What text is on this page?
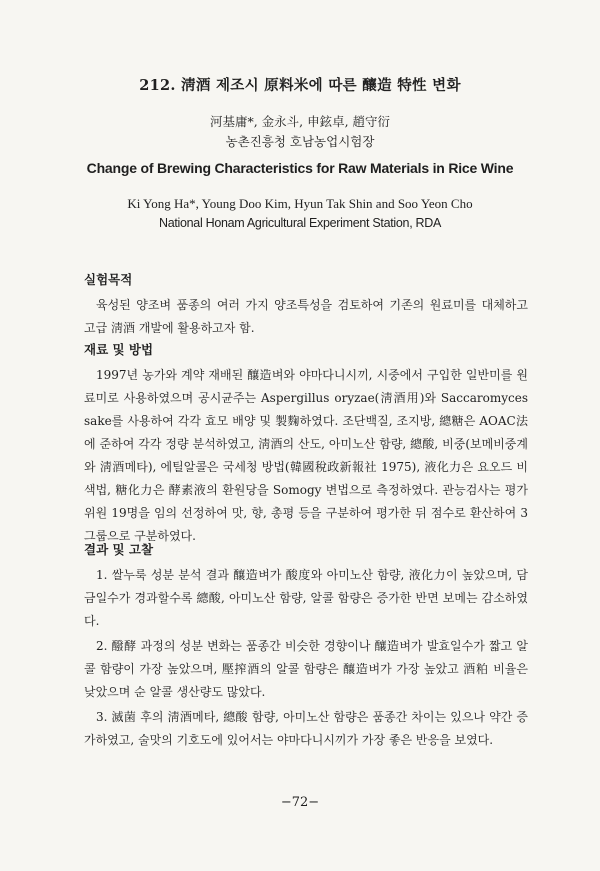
212. 淸酒 제조시 原料米에 따른 釀造 特性 변화
河基庸*, 金永斗, 申鉉卓, 趙守衍
농촌진흥청 호남농업시험장
Change of Brewing Characteristics for Raw Materials in Rice Wine
Ki Yong Ha*, Young Doo Kim, Hyun Tak Shin and Soo Yeon Cho
National Honam Agricultural Experiment Station, RDA
실험목적

육성된 양조벼 품종의 여러 가지 양조특성을 검토하여 기존의 원료미를 대체하고 고급 淸酒 개발에 활용하고자 함.

재료 및 방법

1997년 농가와 계약 재배된 釀造벼와 야마다니시끼, 시중에서 구입한 일반미를 원료미로 사용하였으며 공시균주는 Aspergillus oryzae(淸酒用)와 Saccaromyces sake를 사용하여 각각 효모 배양 및 製麴하였다. 조단백질, 조지방, 總糖은 AOAC法에 준하여 각각 정량 분석하였고, 淸酒의 산도, 아미노산 함량, 總酸, 비중(보메비중계와 淸酒메타), 에틸알콜은 국세청 방법(韓國稅政新報社 1975), 液化力은 요오드 비색법, 糖化力은 酵素液의 환원당을 Somogy 변법으로 측정하였다. 관능검사는 평가위원 19명을 임의 선정하여 맛, 향, 총평 등을 구분하여 평가한 뒤 점수로 환산하여 3그룹으로 구분하였다.

결과 및 고찰

1. 쌀누룩 성분 분석 결과 釀造벼가 酸度와 아미노산 함량, 液化力이 높았으며, 담금일수가 경과할수록 總酸, 아미노산 함량, 알콜 함량은 증가한 반면 보메는 감소하였다.

2. 醱酵 과정의 성분 변화는 품종간 비슷한 경향이나 釀造벼가 발효일수가 짧고 알콜 함량이 가장 높았으며, 壓搾酒의 알콜 함량은 釀造벼가 가장 높았고 酒粕 비율은 낮았으며 순 알콜 생산량도 많았다.

3. 滅菌 후의 淸酒메타, 總酸 함량, 아미노산 함량은 품종간 차이는 있으나 약간 증가하였고, 술맛의 기호도에 있어서는 야마다니시끼가 가장 좋은 반응을 보였다.

−72−
